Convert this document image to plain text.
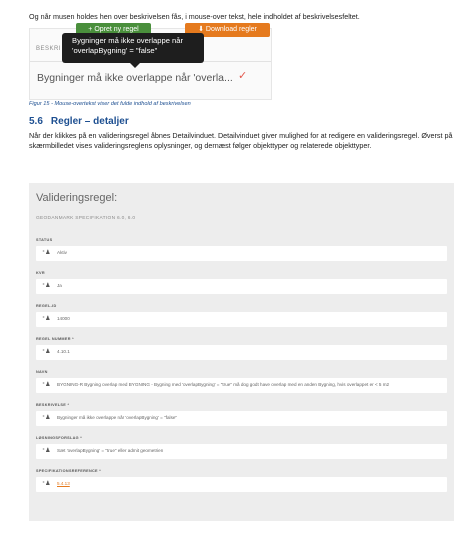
Og når musen holdes hen over beskrivelsen fås, i mouse-over tekst, hele indholdet af beskrivelsesfeltet.
+ Opret ny regel	⬇ Download regler
BESKRI
Bygninger må ikke overlappe når 'overla... ✓
Bygninger må ikke overlappe når
'overlapBygning' = "false"
Figur 15 - Mouse-overtekst viser det fulde indhold af beskrivelsen
5.6 Regler – detaljer
Når der klikkes på en valideringsregel åbnes Detailvinduet. Detailvinduet giver mulighed for at redigere en valideringsregel. Øverst på skærmbilledet vises valideringsreglens oplysninger, og dernæst følger objekttyper og relaterede objekttyper.
Valideringsregel:
GEODANMARK SPECIFIKATION 6.0, 6.0
STATUS
⁺♟ Aktiv
KVR
⁺♟ Ja
REGEL-ID
⁺♟ 14000
REGEL NUMMER *
⁺♟ 4.10.1
NAVN
⁺♟ BYGNING-R Bygning overlap med BYGNING - Bygning med 'overlapBygning' = "true" må dog godt have overlap med en anden Bygning, hvis overlappet er < 5 m2
BESKRIVELSE *
⁺♟ Bygninger må ikke overlappe når 'overlapBygning' = "false"
LØSNINGSFORSLAG *
⁺♟ Sæt 'overlapBygning' = "true" eller admit geometrien
SPECIFIKATIONSREFERENCE *
⁺♟ 5.4.13
